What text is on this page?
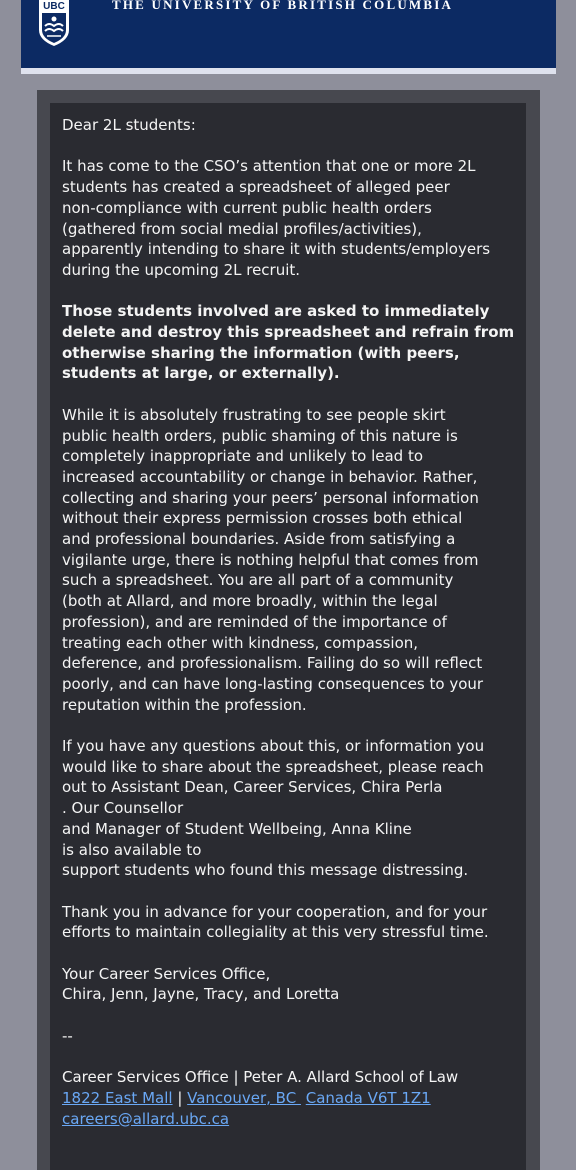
UBC	THE UNIVERSITY OF BRITISH COLUMBIA

Dear 2L students:

It has come to the CSO’s attention that one or more 2L
students has created a spreadsheet of alleged peer
non-compliance with current public health orders
(gathered from social medial profiles/activities),
apparently intending to share it with students/employers
during the upcoming 2L recruit.

Those students involved are asked to immediately
delete and destroy this spreadsheet and refrain from
otherwise sharing the information (with peers,
students at large, or externally).

While it is absolutely frustrating to see people skirt
public health orders, public shaming of this nature is
completely inappropriate and unlikely to lead to
increased accountability or change in behavior. Rather,
collecting and sharing your peers’ personal information
without their express permission crosses both ethical
and professional boundaries. Aside from satisfying a
vigilante urge, there is nothing helpful that comes from
such a spreadsheet. You are all part of a community
(both at Allard, and more broadly, within the legal
profession), and are reminded of the importance of
treating each other with kindness, compassion,
deference, and professionalism. Failing do so will reflect
poorly, and can have long-lasting consequences to your
reputation within the profession.

If you have any questions about this, or information you
would like to share about the spreadsheet, please reach
out to Assistant Dean, Career Services, Chira Perla
. Our Counsellor
and Manager of Student Wellbeing, Anna Kline
is also available to
support students who found this message distressing.

Thank you in advance for your cooperation, and for your
efforts to maintain collegiality at this very stressful time.

Your Career Services Office,
Chira, Jenn, Jayne, Tracy, and Loretta

--

Career Services Office | Peter A. Allard School of Law
1822 East Mall | Vancouver, BC  Canada V6T 1Z1
careers@allard.ubc.ca
